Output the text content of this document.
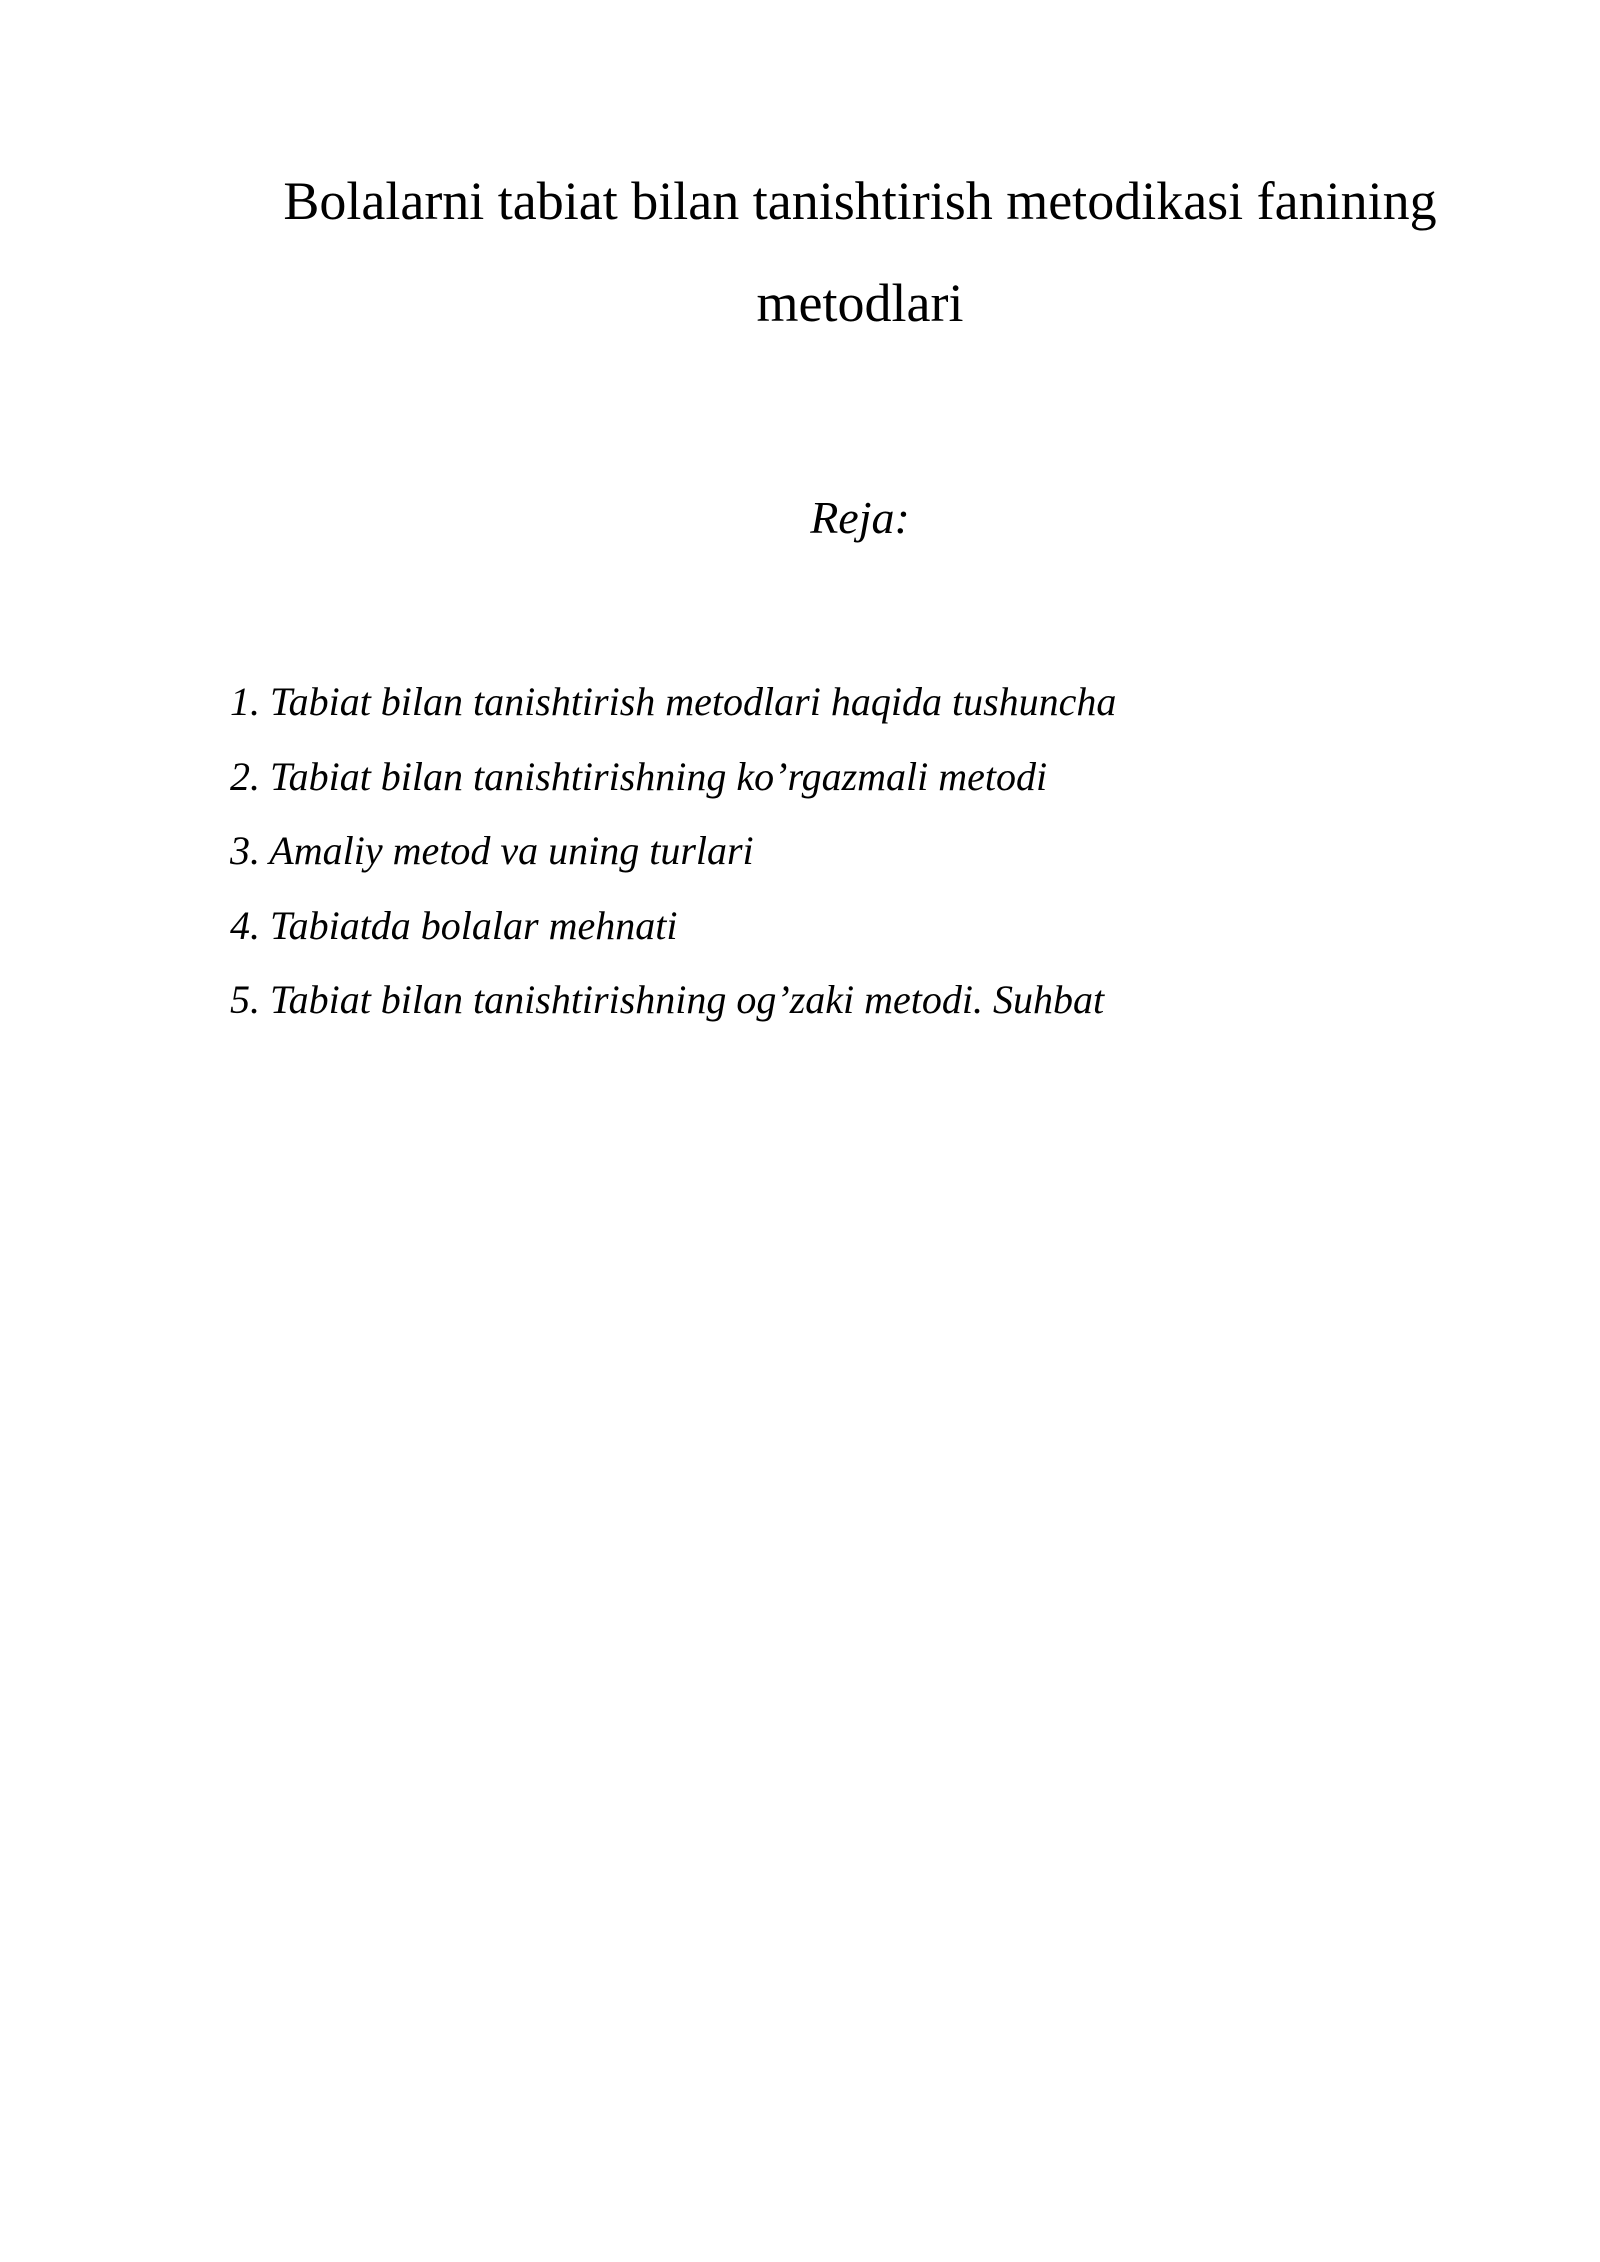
Bolalarni tabiat bilan tanishtirish metodikasi fanining metodlari
Reja:
1. Tabiat bilan tanishtirish metodlari haqida tushuncha
2. Tabiat bilan tanishtirishning ko’rgazmali metodi
3. Amaliy metod va uning turlari
4. Tabiatda bolalar mehnati
5. Tabiat bilan tanishtirishning og’zaki metodi. Suhbat
